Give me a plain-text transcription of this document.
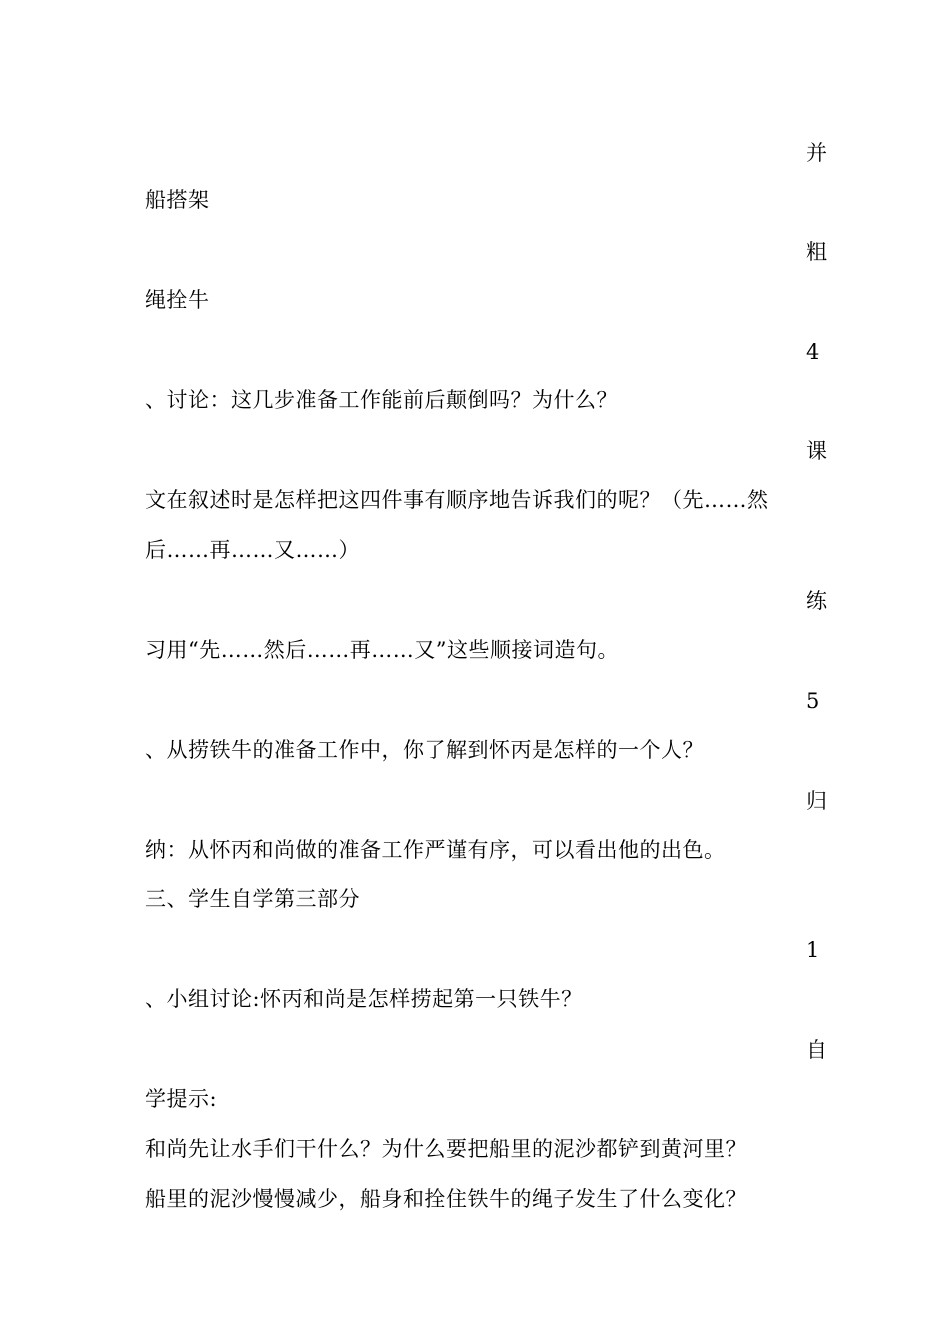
并
船搭架
粗
绳拴牛
4
、讨论：这几步准备工作能前后颠倒吗？为什么？
课
文在叙述时是怎样把这四件事有顺序地告诉我们的呢？（先……然
后……再……又……）
练
习用“先……然后……再……又”这些顺接词造句。
5
、从捞铁牛的准备工作中，你了解到怀丙是怎样的一个人？
归
纳：从怀丙和尚做的准备工作严谨有序，可以看出他的出色。
三、学生自学第三部分
1
、小组讨论:怀丙和尚是怎样捞起第一只铁牛？
自
学提示:
和尚先让水手们干什么？为什么要把船里的泥沙都铲到黄河里？
船里的泥沙慢慢减少，船身和拴住铁牛的绳子发生了什么变化？
